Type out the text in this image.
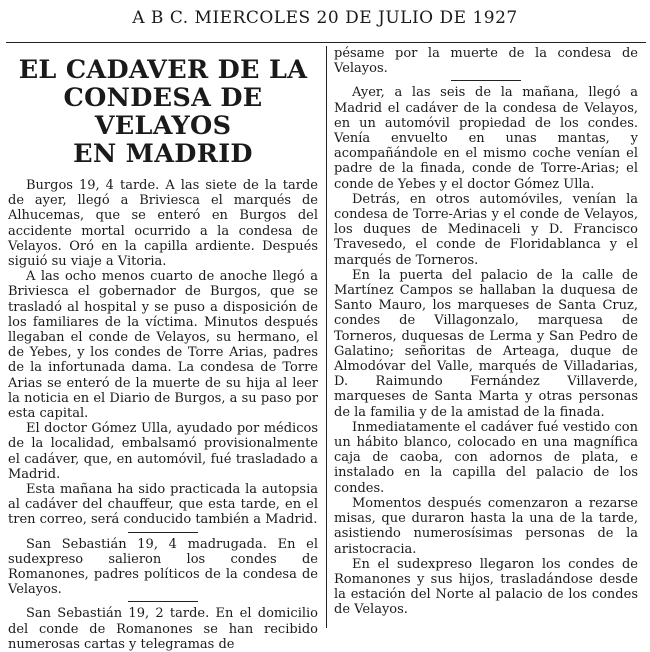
A B C. MIERCOLES 20 DE JULIO DE 1927
EL CADAVER DE LA
CONDESA DE VELAYOS
EN MADRID

Burgos 19, 4 tarde. A las siete de la tarde de ayer, llegó a Briviesca el marqués de Alhucemas, que se enteró en Burgos del accidente mortal ocurrido a la condesa de Velayos. Oró en la capilla ardiente. Después siguió su viaje a Vitoria.

A las ocho menos cuarto de anoche llegó a Briviesca el gobernador de Burgos, que se trasladó al hospital y se puso a disposición de los familiares de la víctima. Minutos después llegaban el conde de Velayos, su hermano, el de Yebes, y los condes de Torre Arias, padres de la infortunada dama. La condesa de Torre Arias se enteró de la muerte de su hija al leer la noticia en el Diario de Burgos, a su paso por esta capital.

El doctor Gómez Ulla, ayudado por médicos de la localidad, embalsamó provisionalmente el cadáver, que, en automóvil, fué trasladado a Madrid.

Esta mañana ha sido practicada la autopsia al cadáver del chauffeur, que esta tarde, en el tren correo, será conducido también a Madrid.

San Sebastián 19, 4 madrugada. En el sudexpreso salieron los condes de Romanones, padres políticos de la condesa de Velayos.

San Sebastián 19, 2 tarde. En el domicilio del conde de Romanones se han recibido numerosas cartas y telegramas de

pésame por la muerte de la condesa de Velayos.

Ayer, a las seis de la mañana, llegó a Madrid el cadáver de la condesa de Velayos, en un automóvil propiedad de los condes. Venía envuelto en unas mantas, y acompañándole en el mismo coche venían el padre de la finada, conde de Torre-Arias; el conde de Yebes y el doctor Gómez Ulla.

Detrás, en otros automóviles, venían la condesa de Torre-Arias y el conde de Velayos, los duques de Medinaceli y D. Francisco Travesedo, el conde de Floridablanca y el marqués de Torneros.

En la puerta del palacio de la calle de Martínez Campos se hallaban la duquesa de Santo Mauro, los marqueses de Santa Cruz, condes de Villagonzalo, marquesa de Torneros, duquesas de Lerma y San Pedro de Galatino; señoritas de Arteaga, duque de Almodóvar del Valle, marqués de Villadarias, D. Raimundo Fernández Villaverde, marqueses de Santa Marta y otras personas de la familia y de la amistad de la finada.

Inmediatamente el cadáver fué vestido con un hábito blanco, colocado en una magnífica caja de caoba, con adornos de plata, e instalado en la capilla del palacio de los condes.

Momentos después comenzaron a rezarse misas, que duraron hasta la una de la tarde, asistiendo numerosísimas personas de la aristocracia.

En el sudexpreso llegaron los condes de Romanones y sus hijos, trasladándose desde la estación del Norte al palacio de los condes de Velayos.
